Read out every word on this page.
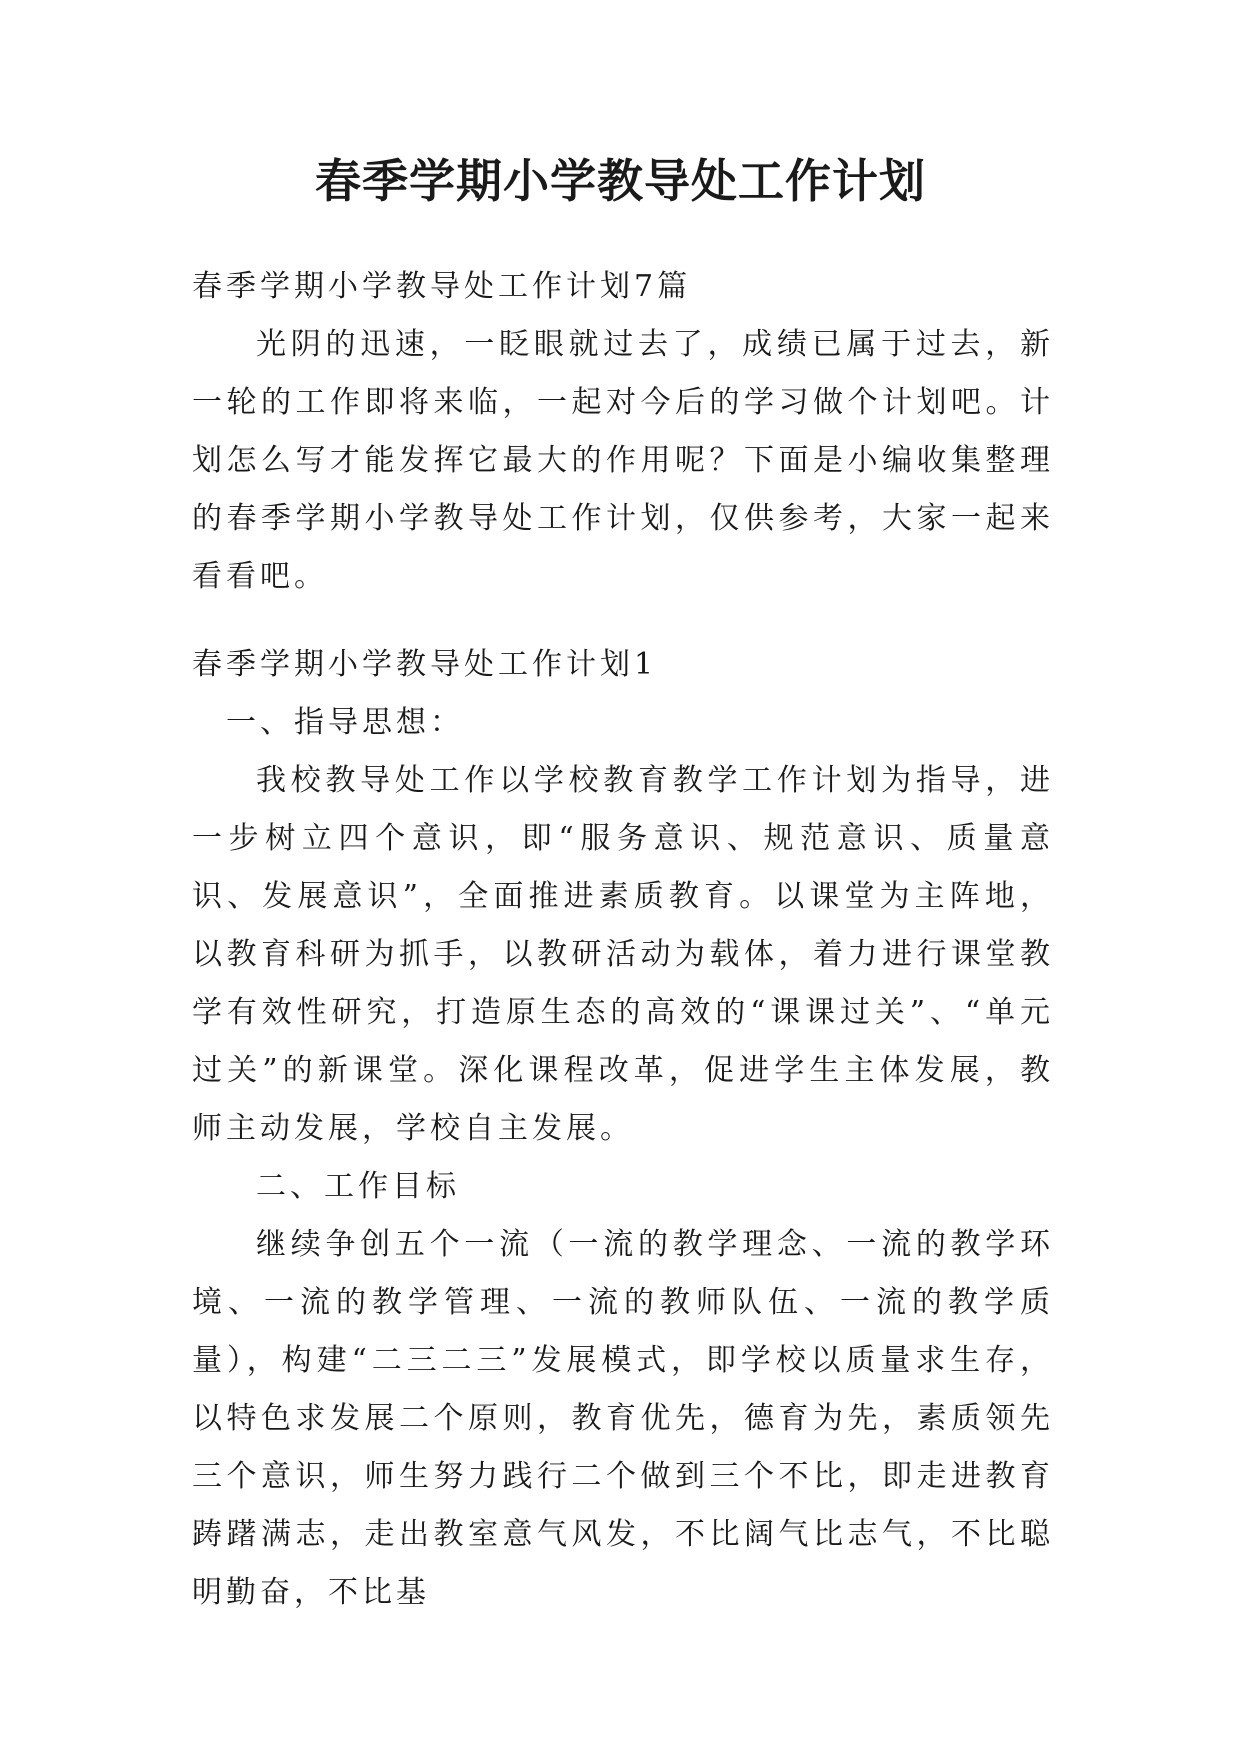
春季学期小学教导处工作计划

春季学期小学教导处工作计划7篇

光阴的迅速，一眨眼就过去了，成绩已属于过去，新一轮的工作即将来临，一起对今后的学习做个计划吧。计划怎么写才能发挥它最大的作用呢？下面是小编收集整理的春季学期小学教导处工作计划，仅供参考，大家一起来看看吧。

春季学期小学教导处工作计划1

一、指导思想：

我校教导处工作以学校教育教学工作计划为指导，进一步树立四个意识，即“服务意识、规范意识、质量意识、发展意识”，全面推进素质教育。以课堂为主阵地，以教育科研为抓手，以教研活动为载体，着力进行课堂教学有效性研究，打造原生态的高效的“课课过关”、“单元过关”的新课堂。深化课程改革，促进学生主体发展，教师主动发展，学校自主发展。

二、工作目标

继续争创五个一流（一流的教学理念、一流的教学环境、一流的教学管理、一流的教师队伍、一流的教学质量），构建“二三二三”发展模式，即学校以质量求生存，以特色求发展二个原则，教育优先，德育为先，素质领先三个意识，师生努力践行二个做到三个不比，即走进教育踌躇满志，走出教室意气风发，不比阔气比志气，不比聪明勤奋，不比基
